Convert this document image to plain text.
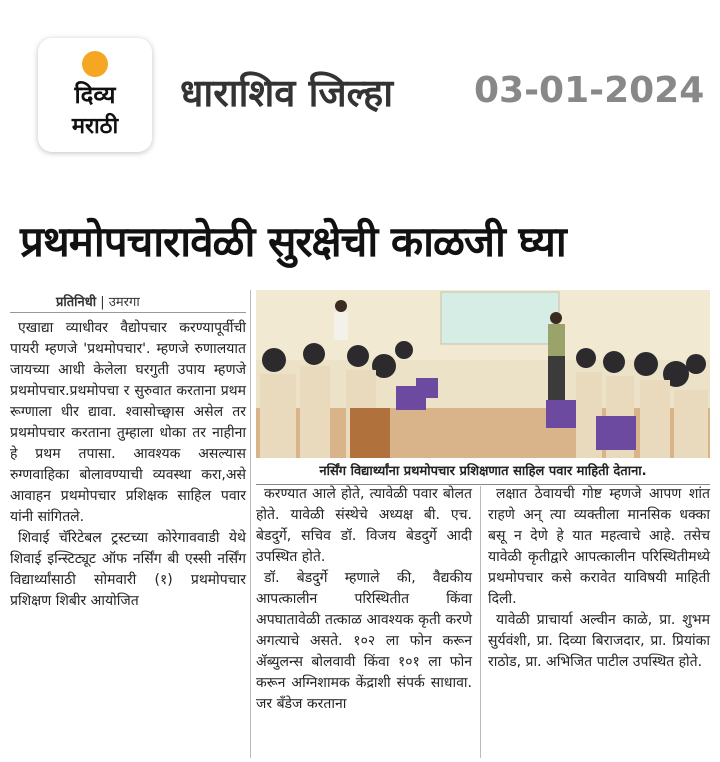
दिव्य
मराठी
धाराशिव जिल्हा 03-01-2024
प्रथमोपचारावेळी सुरक्षेची काळजी घ्या
प्रतिनिधी | उमरगा

एखाद्या व्याधीवर वैद्योपचार करण्यापूर्वीची पायरी म्हणजे 'प्रथमोपचार'. म्हणजे रुणालयात जायच्या आधी केलेला घरगुती उपाय म्हणजे प्रथमोपचार.प्रथमोपचा र सुरुवात करताना प्रथम रूग्णाला धीर द्यावा. श्वासोच्छ्वास असेल तर प्रथमोपचार करताना तुम्हाला धोका तर नाहीना हे प्रथम तपासा. आवश्यक असल्यास रुग्णवाहिका बोलावण्याची व्यवस्था करा,असे आवाहन प्रथमोपचार प्रशिक्षक साहिल पवार यांनी सांगितले.

शिवाई चॅरिटेबल ट्रस्टच्या कोरेगाववाडी येथे शिवाई इन्स्टिट्यूट ऑफ नर्सिंग बी एस्सी नर्सिंग विद्यार्थ्यांसाठी सोमवारी (१) प्रथमोपचार प्रशिक्षण शिबीर आयोजित

नर्सिंग विद्यार्थ्यांना प्रथमोपचार प्रशिक्षणात साहिल पवार माहिती देताना.

करण्यात आले होते, त्यावेळी पवार बोलत होते. यावेळी संस्थेचे अध्यक्ष बी. एच. बेडदुर्गे, सचिव डॉ. विजय बेडदुर्गे आदी उपस्थित होते.

डॉ. बेडदुर्गे म्हणाले की, वैद्यकीय आपत्कालीन परिस्थितीत किंवा अपघातावेळी तत्काळ आवश्यक कृती करणे अगत्याचे असते. १०२ ला फोन करून ॲब्युलन्स बोलवावी किंवा १०१ ला फोन करून अग्निशामक केंद्राशी संपर्क साधावा. जर बँडेज करताना

लक्षात ठेवायची गोष्ट म्हणजे आपण शांत राहणे अन् त्या व्यक्तीला मानसिक धक्का बसू न देणे हे यात महत्वाचे आहे. तसेच यावेळी कृतीद्वारे आपत्कालीन परिस्थितीमध्ये प्रथमोपचार कसे करावेत याविषयी माहिती दिली.

यावेळी प्राचार्या अल्वीन काळे, प्रा. शुभम सुर्यवंशी, प्रा. दिव्या बिराजदार, प्रा. प्रियांका राठोड, प्रा. अभिजित पाटील उपस्थित होते.
